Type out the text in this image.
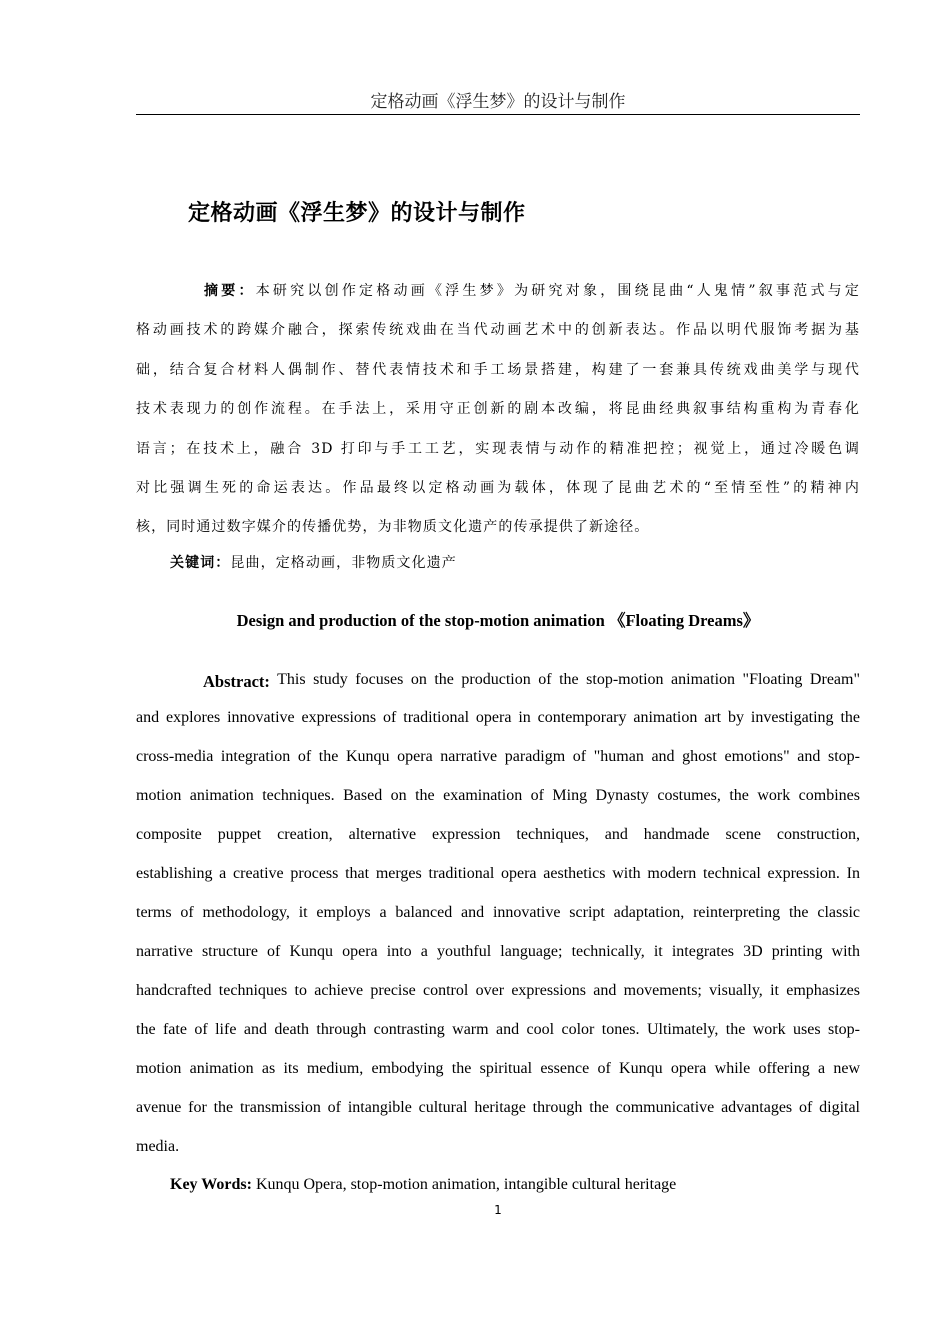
定格动画《浮生梦》的设计与制作
定格动画《浮生梦》的设计与制作
摘要：本研究以创作定格动画《浮生梦》为研究对象，围绕昆曲“人鬼情”叙事范式与定
格动画技术的跨媒介融合，探索传统戏曲在当代动画艺术中的创新表达。作品以明代服饰考据为基
础，结合复合材料人偶制作、替代表情技术和手工场景搭建，构建了一套兼具传统戏曲美学与现代
技术表现力的创作流程。在手法上，采用守正创新的剧本改编，将昆曲经典叙事结构重构为青春化
语言；在技术上，融合 3D 打印与手工工艺，实现表情与动作的精准把控；视觉上，通过冷暖色调
对比强调生死的命运表达。作品最终以定格动画为载体，体现了昆曲艺术的“至情至性”的精神内
核，同时通过数字媒介的传播优势，为非物质文化遗产的传承提供了新途径。
关键词：昆曲，定格动画，非物质文化遗产
Design and production of the stop-motion animation 《Floating Dreams》
Abstract: This study focuses on the production of the stop-motion animation "Floating Dream"
and explores innovative expressions of traditional opera in contemporary animation art by investigating the
cross-media integration of the Kunqu opera narrative paradigm of "human and ghost emotions" and stop-
motion animation techniques. Based on the examination of Ming Dynasty costumes, the work combines
composite puppet creation, alternative expression techniques, and handmade scene construction,
establishing a creative process that merges traditional opera aesthetics with modern technical expression. In
terms of methodology, it employs a balanced and innovative script adaptation, reinterpreting the classic
narrative structure of Kunqu opera into a youthful language; technically, it integrates 3D printing with
handcrafted techniques to achieve precise control over expressions and movements; visually, it emphasizes
the fate of life and death through contrasting warm and cool color tones. Ultimately, the work uses stop-
motion animation as its medium, embodying the spiritual essence of Kunqu opera while offering a new
avenue for the transmission of intangible cultural heritage through the communicative advantages of digital
media.
Key Words: Kunqu Opera, stop-motion animation, intangible cultural heritage
1
